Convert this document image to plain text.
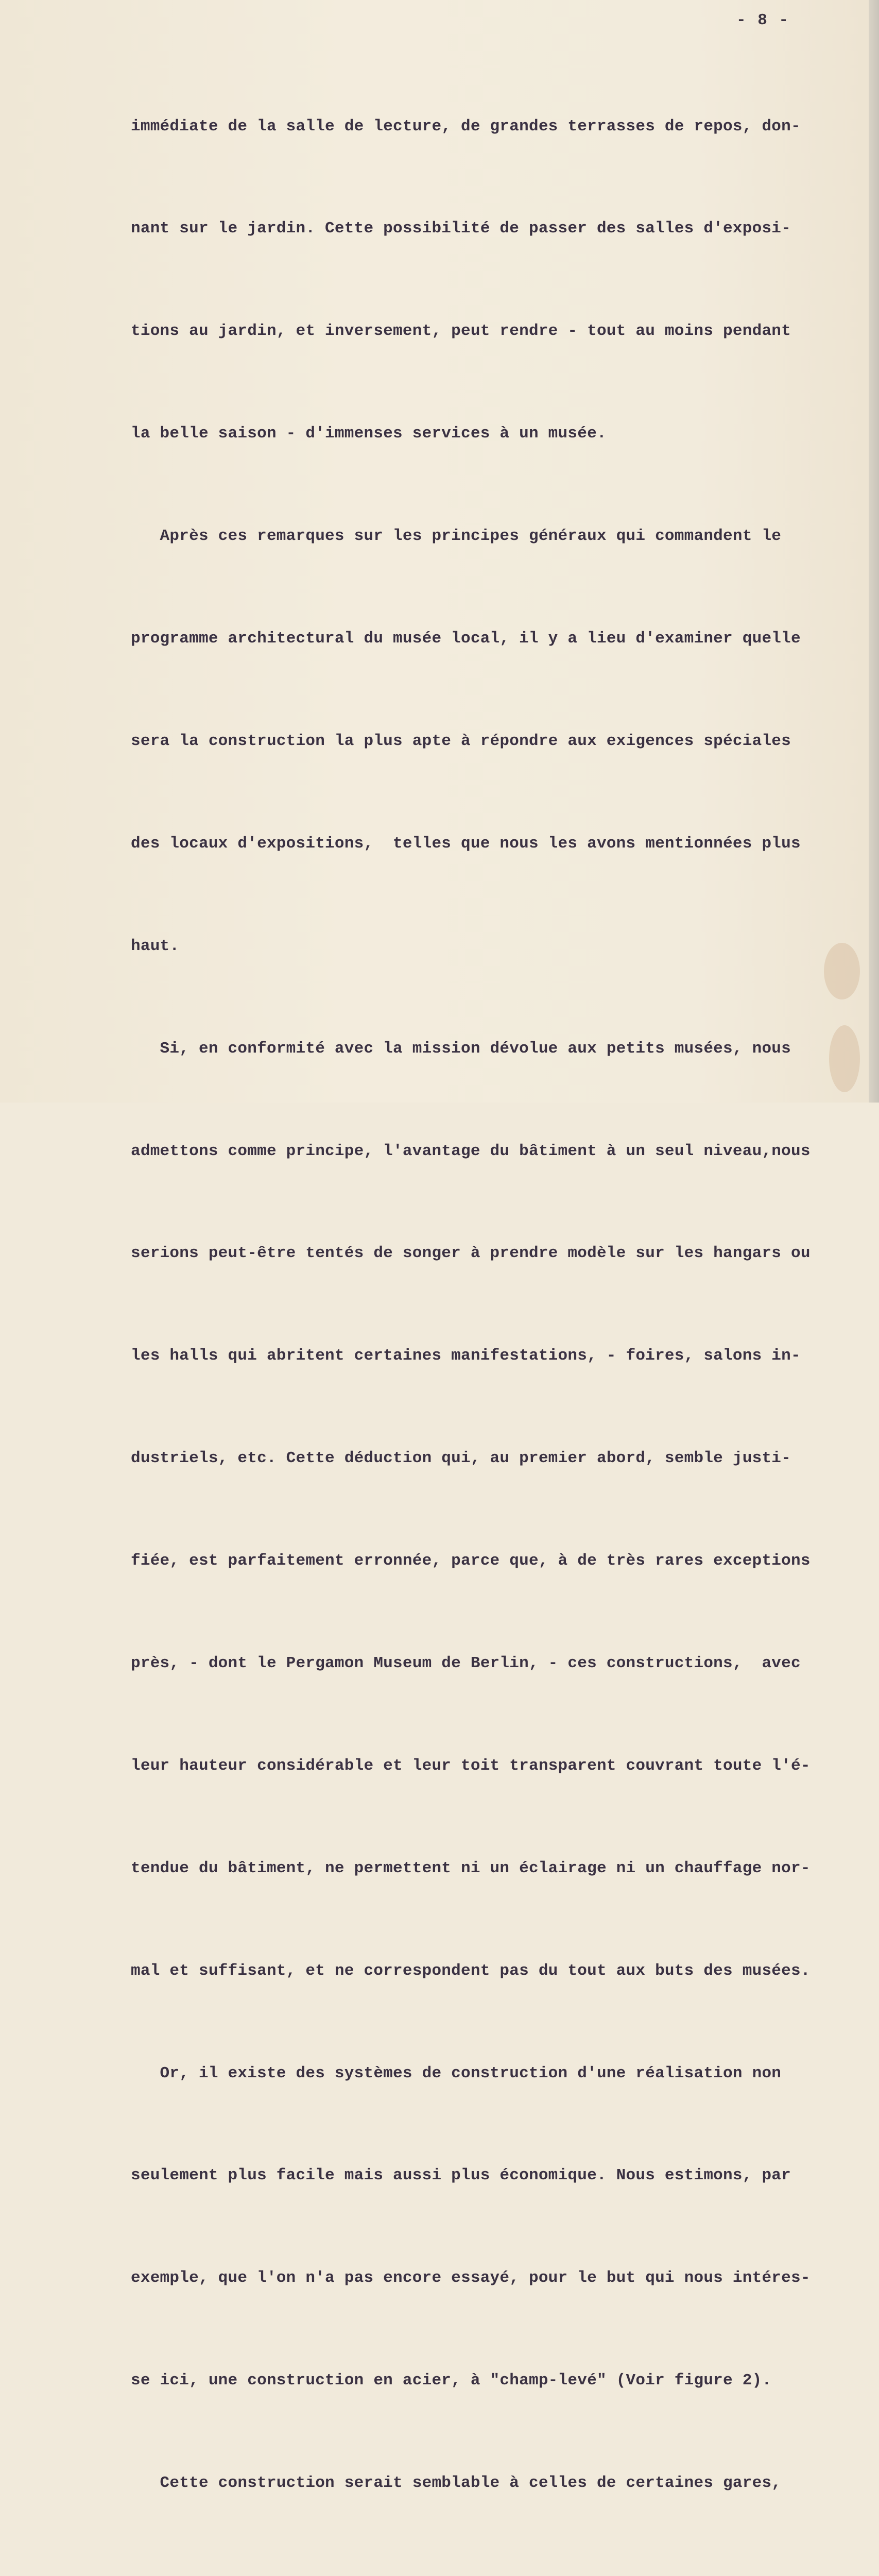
- 8 -

immédiate de la salle de lecture, de grandes terrasses de repos, don-

nant sur le jardin. Cette possibilité de passer des salles d'exposi-

tions au jardin, et inversement, peut rendre - tout au moins pendant

la belle saison - d'immenses services à un musée.

Après ces remarques sur les principes généraux qui commandent le

programme architectural du musée local, il y a lieu d'examiner quelle

sera la construction la plus apte à répondre aux exigences spéciales

des locaux d'expositions,  telles que nous les avons mentionnées plus

haut.

Si, en conformité avec la mission dévolue aux petits musées, nous

admettons comme principe, l'avantage du bâtiment à un seul niveau,nous

serions peut-être tentés de songer à prendre modèle sur les hangars ou

les halls qui abritent certaines manifestations, - foires, salons in-

dustriels, etc. Cette déduction qui, au premier abord, semble justi-

fiée, est parfaitement erronnée, parce que, à de très rares exceptions

près, - dont le Pergamon Museum de Berlin, - ces constructions,  avec

leur hauteur considérable et leur toit transparent couvrant toute l'é-

tendue du bâtiment, ne permettent ni un éclairage ni un chauffage nor-

mal et suffisant, et ne correspondent pas du tout aux buts des musées.

Or, il existe des systèmes de construction d'une réalisation non

seulement plus facile mais aussi plus économique. Nous estimons, par

exemple, que l'on n'a pas encore essayé, pour le but qui nous intéres-

se ici, une construction en acier, à "champ-levé" (Voir figure 2).

Cette construction serait semblable à celles de certaines gares,
